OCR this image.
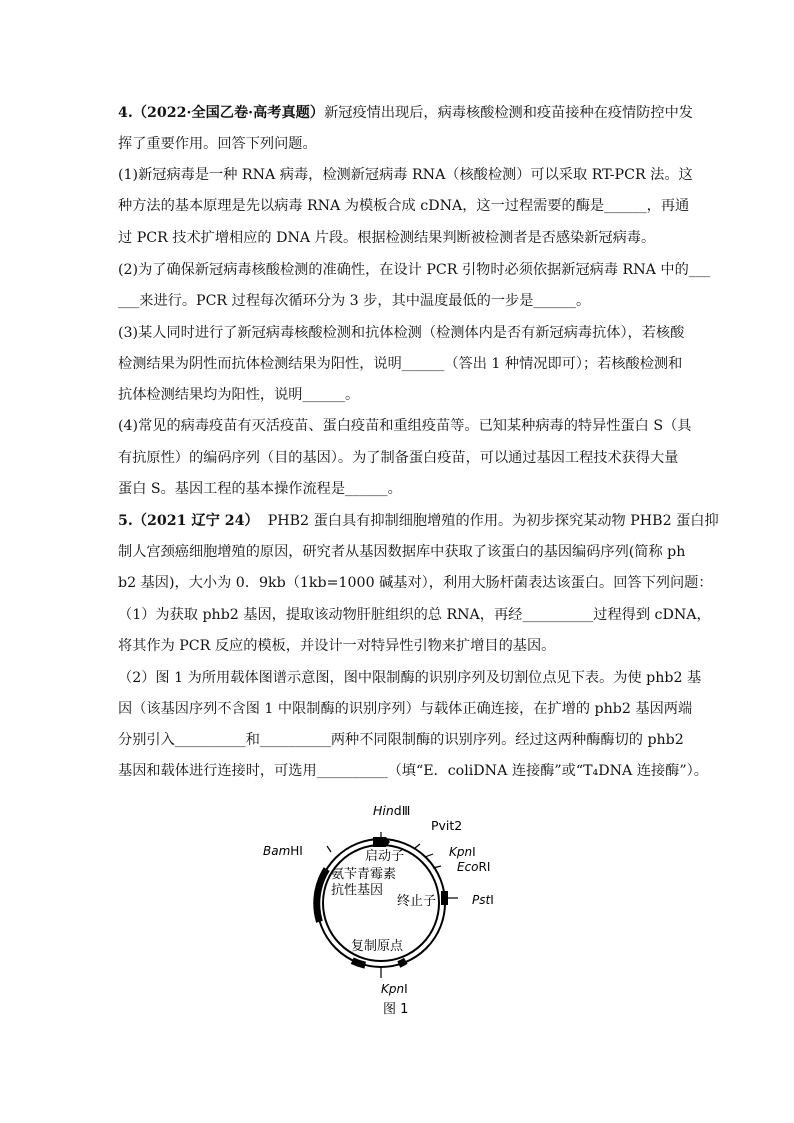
4.（2022·全国乙卷·高考真题）新冠疫情出现后，病毒核酸检测和疫苗接种在疫情防控中发
挥了重要作用。回答下列问题。
(1)新冠病毒是一种 RNA 病毒，检测新冠病毒 RNA（核酸检测）可以采取 RT-PCR 法。这
种方法的基本原理是先以病毒 RNA 为模板合成 cDNA，这一过程需要的酶是______，再通
过 PCR 技术扩增相应的 DNA 片段。根据检测结果判断被检测者是否感染新冠病毒。
(2)为了确保新冠病毒核酸检测的准确性，在设计 PCR 引物时必须依据新冠病毒 RNA 中的___
___来进行。PCR 过程每次循环分为 3 步，其中温度最低的一步是______。
(3)某人同时进行了新冠病毒核酸检测和抗体检测（检测体内是否有新冠病毒抗体），若核酸
检测结果为阴性而抗体检测结果为阳性，说明______（答出 1 种情况即可）；若核酸检测和
抗体检测结果均为阳性，说明______。
(4)常见的病毒疫苗有灭活疫苗、蛋白疫苗和重组疫苗等。已知某种病毒的特异性蛋白 S（具
有抗原性）的编码序列（目的基因）。为了制备蛋白疫苗，可以通过基因工程技术获得大量
蛋白 S。基因工程的基本操作流程是______。
5.（2021 辽宁 24） PHB2 蛋白具有抑制细胞增殖的作用。为初步探究某动物 PHB2 蛋白抑
制人宫颈癌细胞增殖的原因，研究者从基因数据库中获取了该蛋白的基因编码序列(简称 ph
b2 基因)，大小为 0．9kb（1kb=1000 碱基对），利用大肠杆菌表达该蛋白。回答下列问题：
（1）为获取 phb2 基因，提取该动物肝脏组织的总 RNA，再经__________过程得到 cDNA，
将其作为 PCR 反应的模板，并设计一对特异性引物来扩增目的基因。
（2）图 1 为所用载体图谱示意图，图中限制酶的识别序列及切割位点见下表。为使 phb2 基
因（该基因序列不含图 1 中限制酶的识别序列）与载体正确连接，在扩增的 phb2 基因两端
分别引入__________和__________两种不同限制酶的识别序列。经过这两种酶酶切的 phb2
基因和载体进行连接时，可选用__________（填“E．coliDNA 连接酶”或“T₄DNA 连接酶”）。
HindⅢ
Pvit2
KpnⅠ
EcoRⅠ
PstⅠ
BamHⅠ
KpnⅠ
启动子
氨苄青霉素
抗性基因
终止子
复制原点
图 1
